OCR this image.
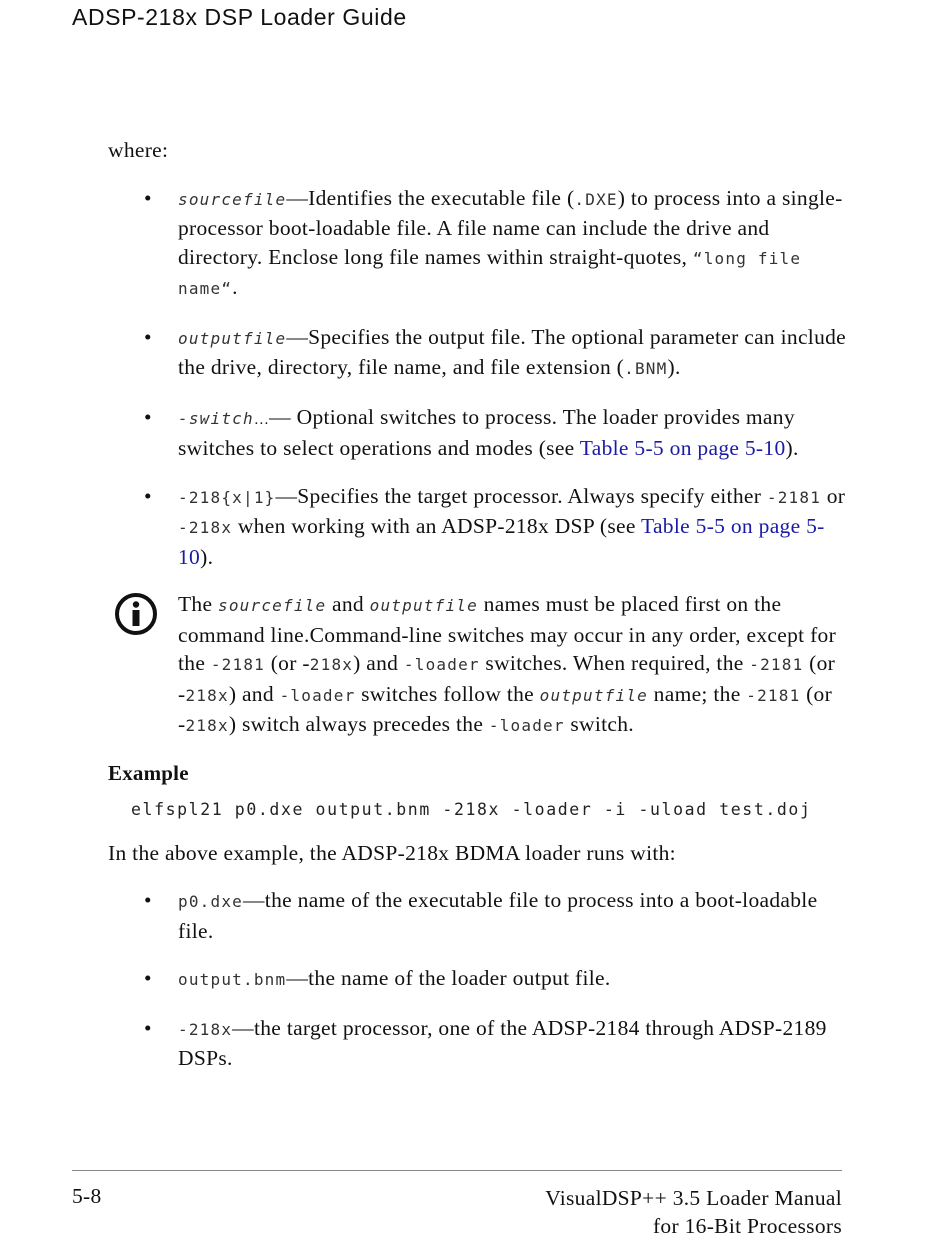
ADSP-218x DSP Loader Guide

where:

• sourcefile—Identifies the executable file (.DXE) to process into a single-processor boot-loadable file. A file name can include the drive and directory. Enclose long file names within straight-quotes, “long file name“.
• outputfile—Specifies the output file. The optional parameter can include the drive, directory, file name, and file extension (.BNM).
• -switch…— Optional switches to process. The loader provides many switches to select operations and modes (see Table 5-5 on page 5-10).
• -218{x|1}—Specifies the target processor. Always specify either -2181 or -218x when working with an ADSP-218x DSP (see Table 5-5 on page 5-10).
The sourcefile and outputfile names must be placed first on the command line.Command-line switches may occur in any order, except for the -2181 (or -218x) and -loader switches. When required, the -2181 (or -218x) and -loader switches follow the outputfile name; the -2181 (or -218x) switch always precedes the -loader switch.
Example
elfspl21 p0.dxe output.bnm -218x -loader -i -uload test.doj

In the above example, the ADSP-218x BDMA loader runs with:

• p0.dxe—the name of the executable file to process into a boot-loadable file.
• output.bnm—the name of the loader output file.
• -218x—the target processor, one of the ADSP-2184 through ADSP-2189 DSPs.
5-8	VisualDSP++ 3.5 Loader Manual
for 16-Bit Processors
